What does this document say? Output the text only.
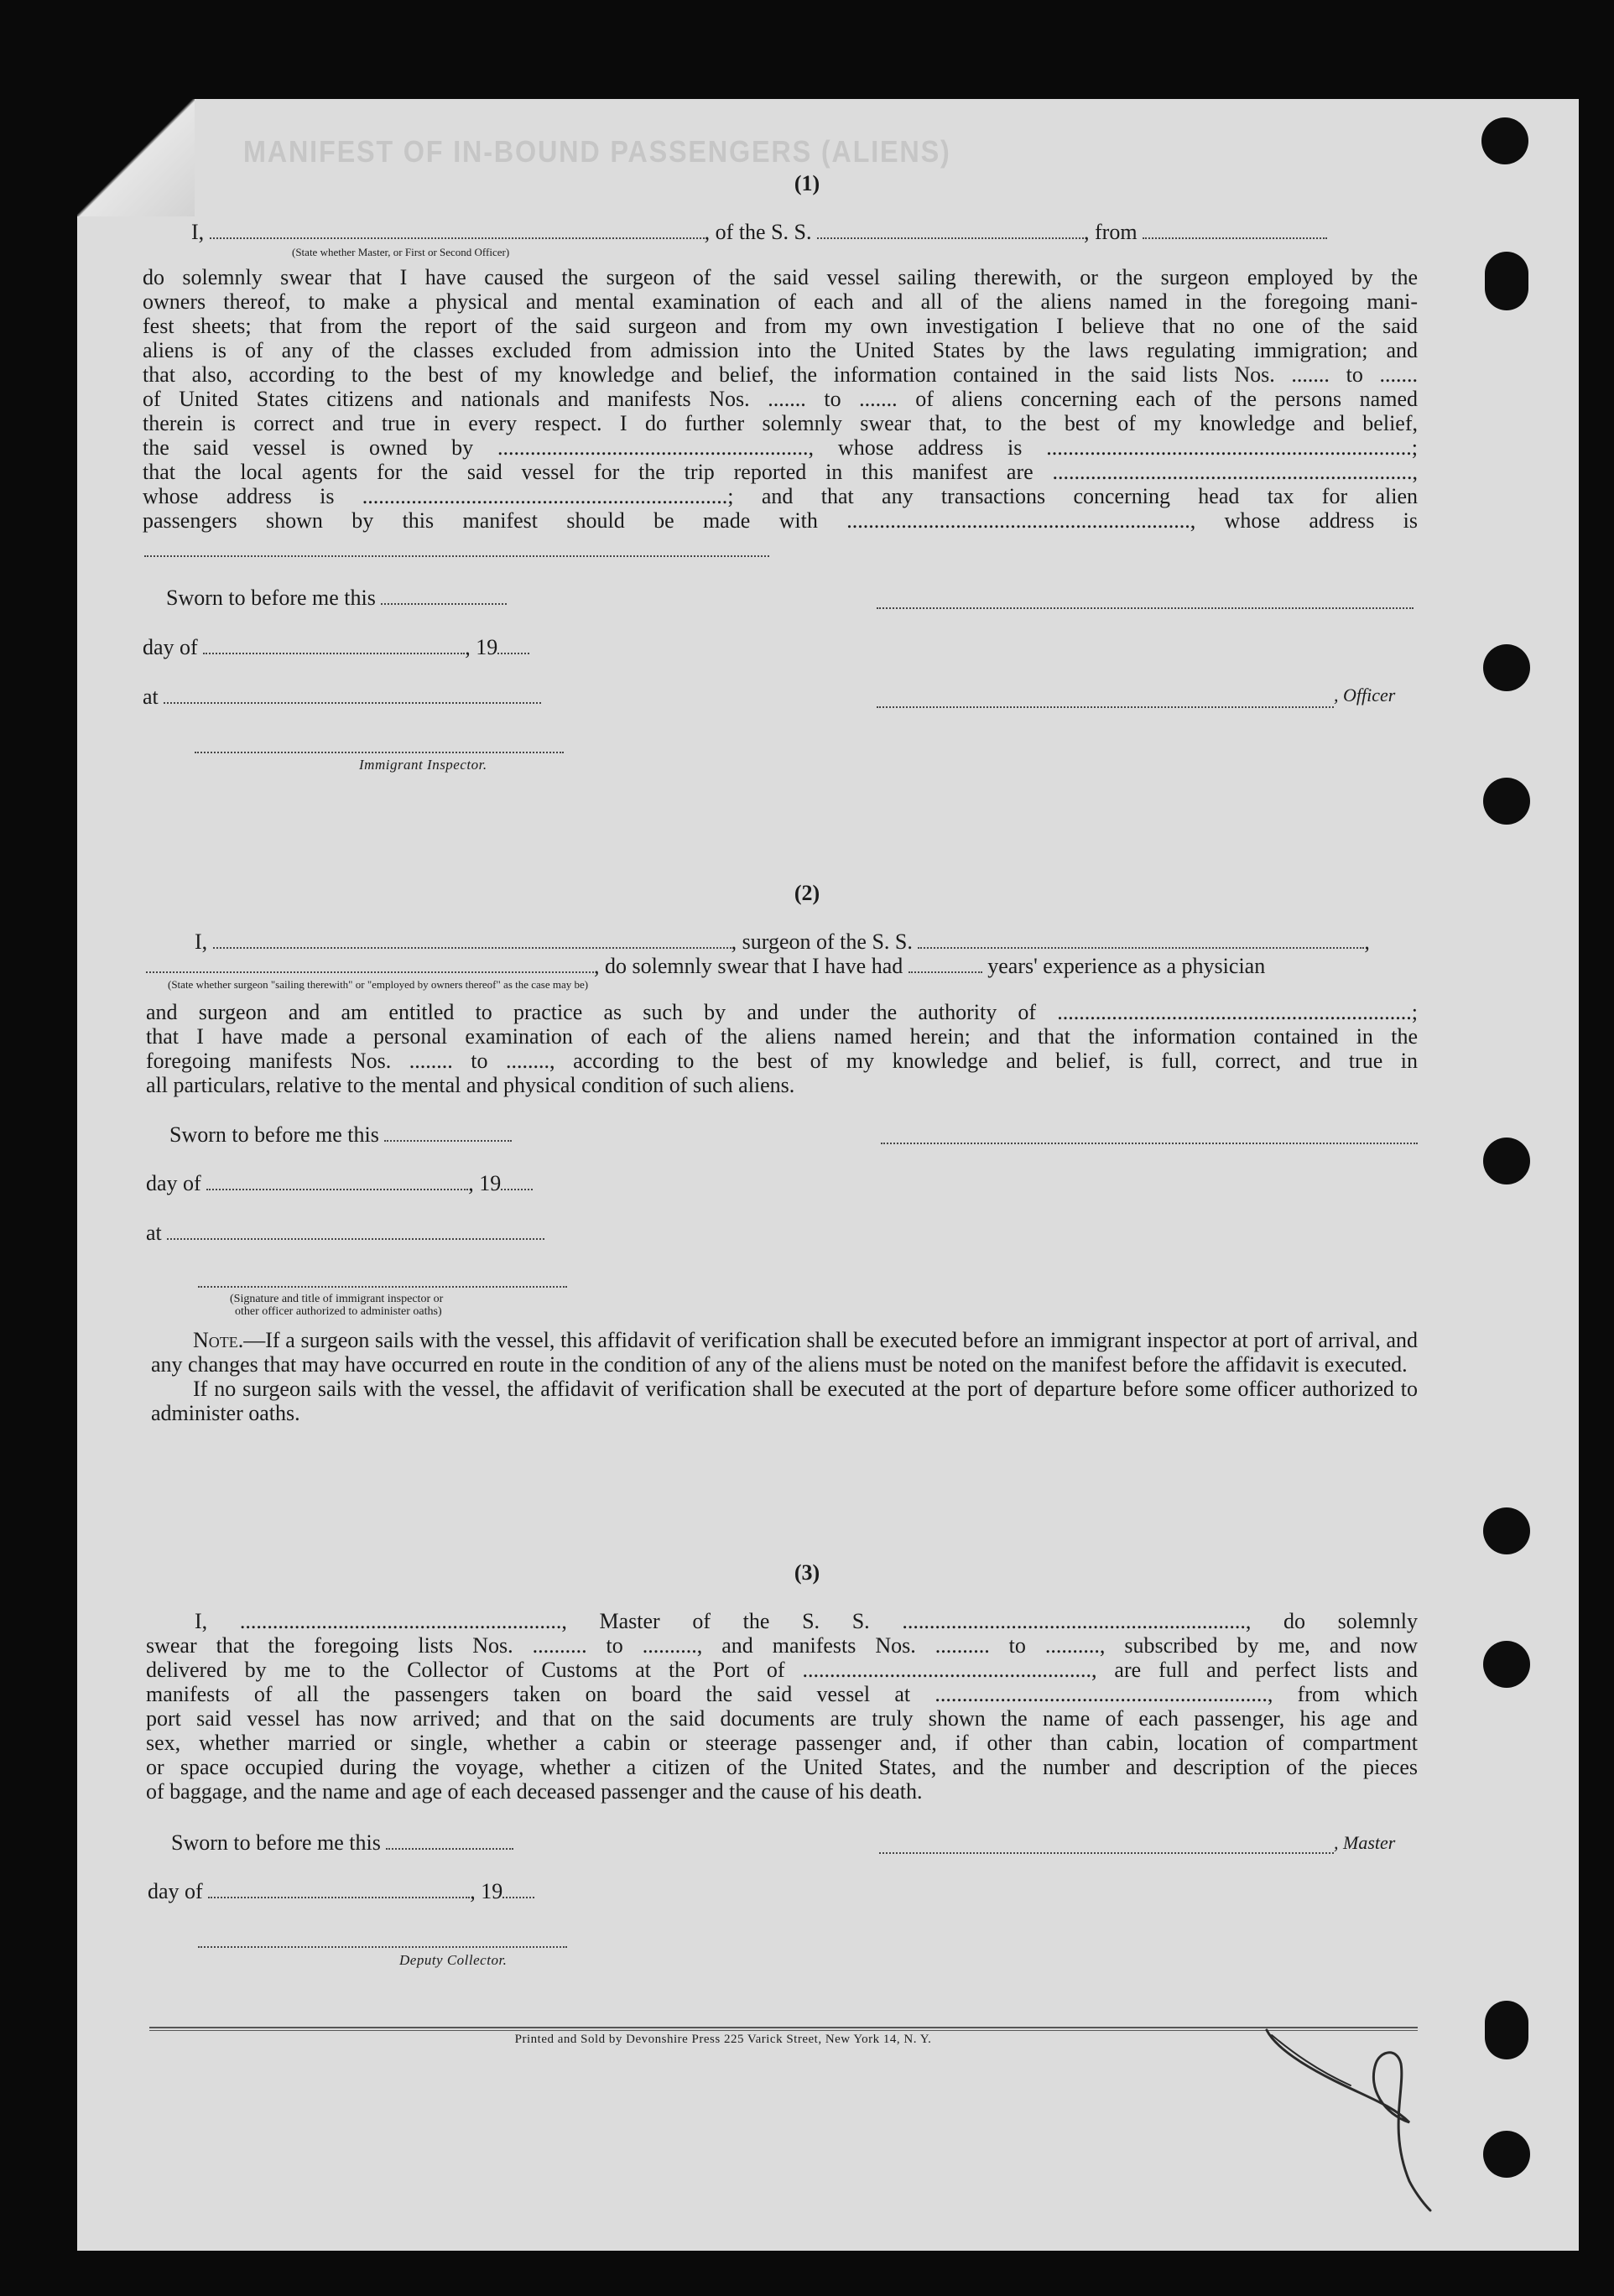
MANIFEST OF IN-BOUND PASSENGERS (ALIENS)
(1)
I,	, of the S. S.	, from
(State whether Master, or First or Second Officer)

do solemnly swear that I have caused the surgeon of the said vessel sailing therewith, or the surgeon employed by the

owners thereof, to make a physical and mental examination of each and all of the aliens named in the foregoing mani-

fest sheets; that from the report of the said surgeon and from my own investigation I believe that no one of the said

aliens is of any of the classes excluded from admission into the United States by the laws regulating immigration; and

that also, according to the best of my knowledge and belief, the information contained in the said lists Nos. ....... to .......

of United States citizens and nationals and manifests Nos. ....... to ....... of aliens concerning each of the persons named

therein is correct and true in every respect. I do further solemnly swear that, to the best of my knowledge and belief,

the said vessel is owned by ........................................................., whose address is ...................................................................;

that the local agents for the said vessel for the trip reported in this manifest are ..................................................................,

whose address is ...................................................................; and that any transactions concerning head tax for alien

passengers shown by this manifest should be made with ..............................................................., whose address is

Sworn to before me this
day of	, 19
at	, Officer
Immigrant Inspector.
(2)
I,	, surgeon of the S. S.	,
, do solemnly swear that I have had	years' experience as a physician
(State whether surgeon "sailing therewith" or "employed by owners thereof" as the case may be)

and surgeon and am entitled to practice as such by and under the authority of .................................................................;

that I have made a personal examination of each of the aliens named herein; and that the information contained in the

foregoing manifests Nos. ........ to ........, according to the best of my knowledge and belief, is full, correct, and true in

all particulars, relative to the mental and physical condition of such aliens.

Sworn to before me this
day of	, 19
at
(Signature and title of immigrant inspector or
other officer authorized to administer oaths)

Note.—If a surgeon sails with the vessel, this affidavit of verification shall be executed before an immigrant inspector at port of arrival, and any changes that may have occurred en route in the condition of any of the aliens must be noted on the manifest before the affidavit is executed.

If no surgeon sails with the vessel, the affidavit of verification shall be executed at the port of departure before some officer authorized to administer oaths.

(3)

I, ..........................................................., Master of the S. S. ..............................................................., do solemnly

swear that the foregoing lists Nos. .......... to .........., and manifests Nos. .......... to .........., subscribed by me, and now

delivered by me to the Collector of Customs at the Port of ....................................................., are full and perfect lists and

manifests of all the passengers taken on board the said vessel at ............................................................., from which

port said vessel has now arrived; and that on the said documents are truly shown the name of each passenger, his age and

sex, whether married or single, whether a cabin or steerage passenger and, if other than cabin, location of compartment

or space occupied during the voyage, whether a citizen of the United States, and the number and description of the pieces

of baggage, and the name and age of each deceased passenger and the cause of his death.

Sworn to before me this	, Master
day of	, 19
Deputy Collector.
Printed and Sold by Devonshire Press 225 Varick Street, New York 14, N. Y.
